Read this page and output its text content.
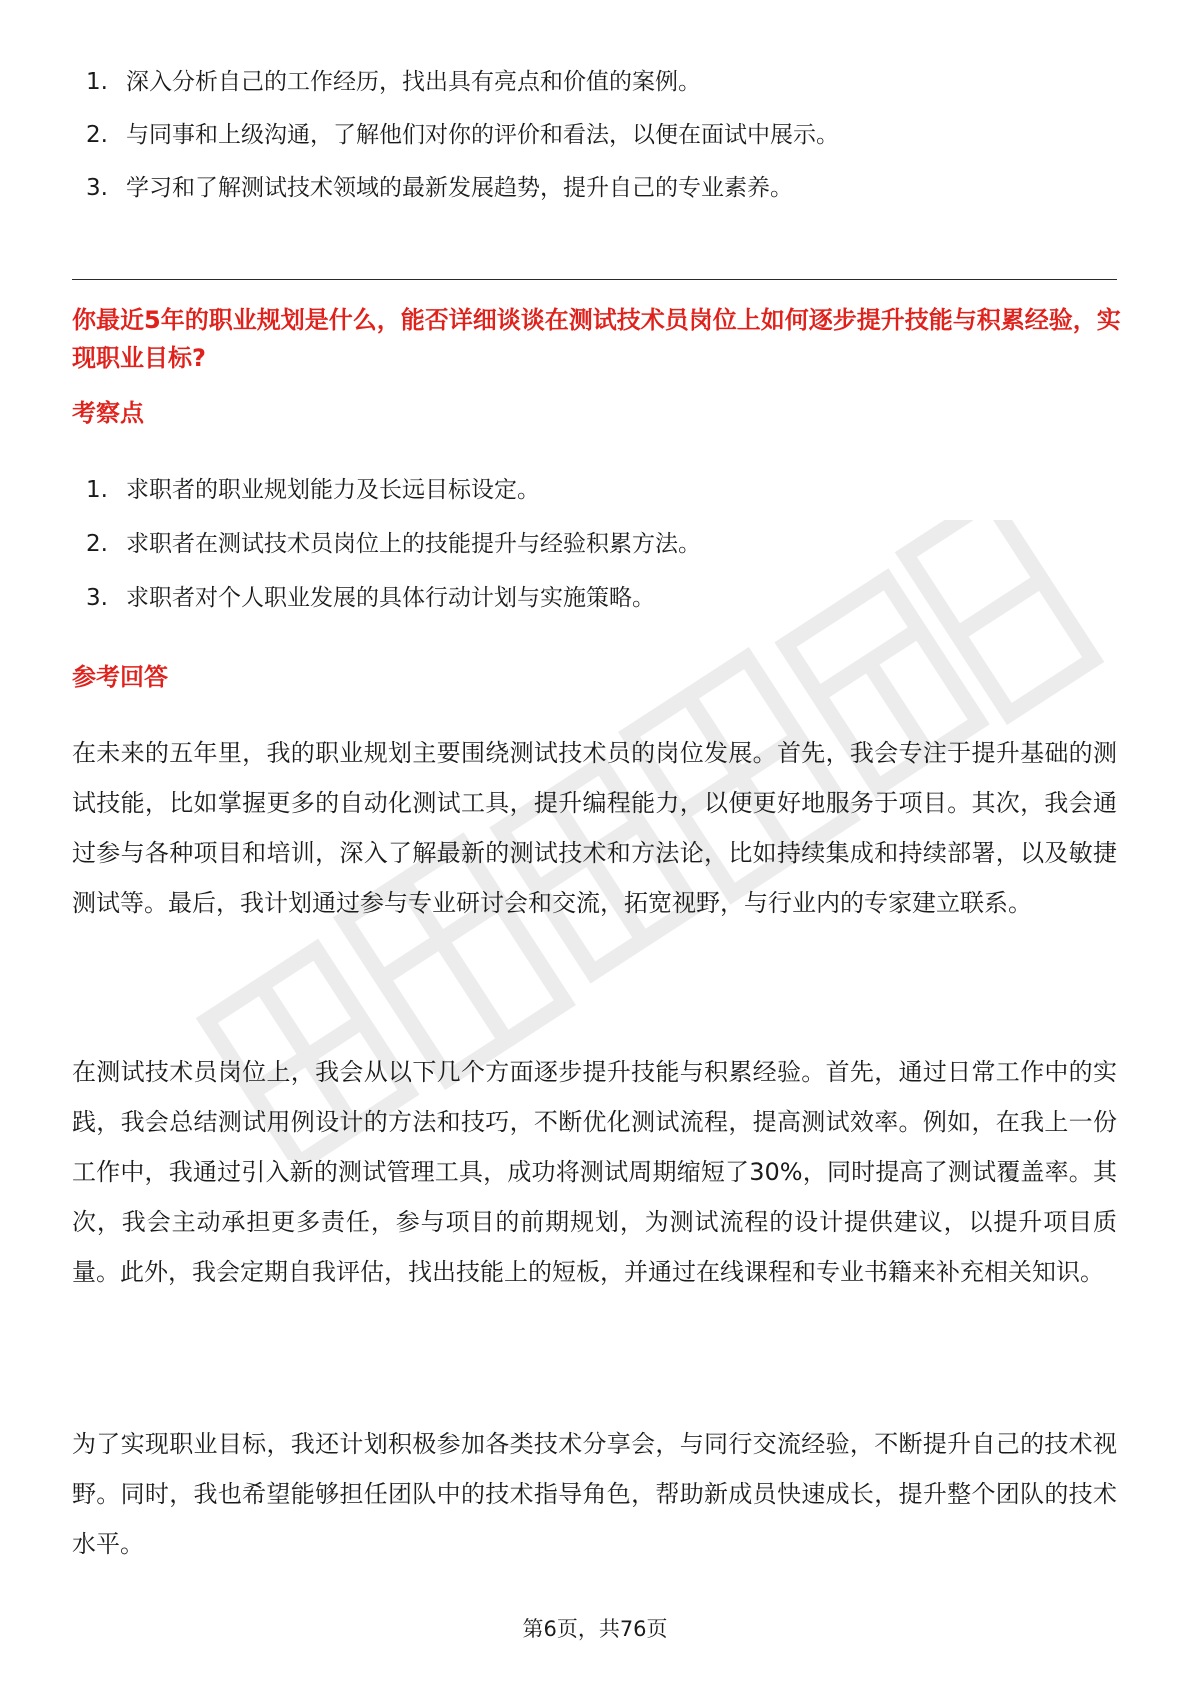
1. 深入分析自己的工作经历，找出具有亮点和价值的案例。
2. 与同事和上级沟通，了解他们对你的评价和看法，以便在面试中展示。
3. 学习和了解测试技术领域的最新发展趋势，提升自己的专业素养。
你最近5年的职业规划是什么，能否详细谈谈在测试技术员岗位上如何逐步提升技能与积累经验，实现职业目标?
考察点
1. 求职者的职业规划能力及长远目标设定。
2. 求职者在测试技术员岗位上的技能提升与经验积累方法。
3. 求职者对个人职业发展的具体行动计划与实施策略。
参考回答

在未来的五年里，我的职业规划主要围绕测试技术员的岗位发展。首先，我会专注于提升基础的测试技能，比如掌握更多的自动化测试工具，提升编程能力，以便更好地服务于项目。其次，我会通过参与各种项目和培训，深入了解最新的测试技术和方法论，比如持续集成和持续部署，以及敏捷测试等。最后，我计划通过参与专业研讨会和交流，拓宽视野，与行业内的专家建立联系。

在测试技术员岗位上，我会从以下几个方面逐步提升技能与积累经验。首先，通过日常工作中的实践，我会总结测试用例设计的方法和技巧，不断优化测试流程，提高测试效率。例如，在我上一份工作中，我通过引入新的测试管理工具，成功将测试周期缩短了30%，同时提高了测试覆盖率。其次，我会主动承担更多责任，参与项目的前期规划，为测试流程的设计提供建议，以提升项目质量。此外，我会定期自我评估，找出技能上的短板，并通过在线课程和专业书籍来补充相关知识。

为了实现职业目标，我还计划积极参加各类技术分享会，与同行交流经验，不断提升自己的技术视野。同时，我也希望能够担任团队中的技术指导角色，帮助新成员快速成长，提升整个团队的技术水平。

第6页，共76页
